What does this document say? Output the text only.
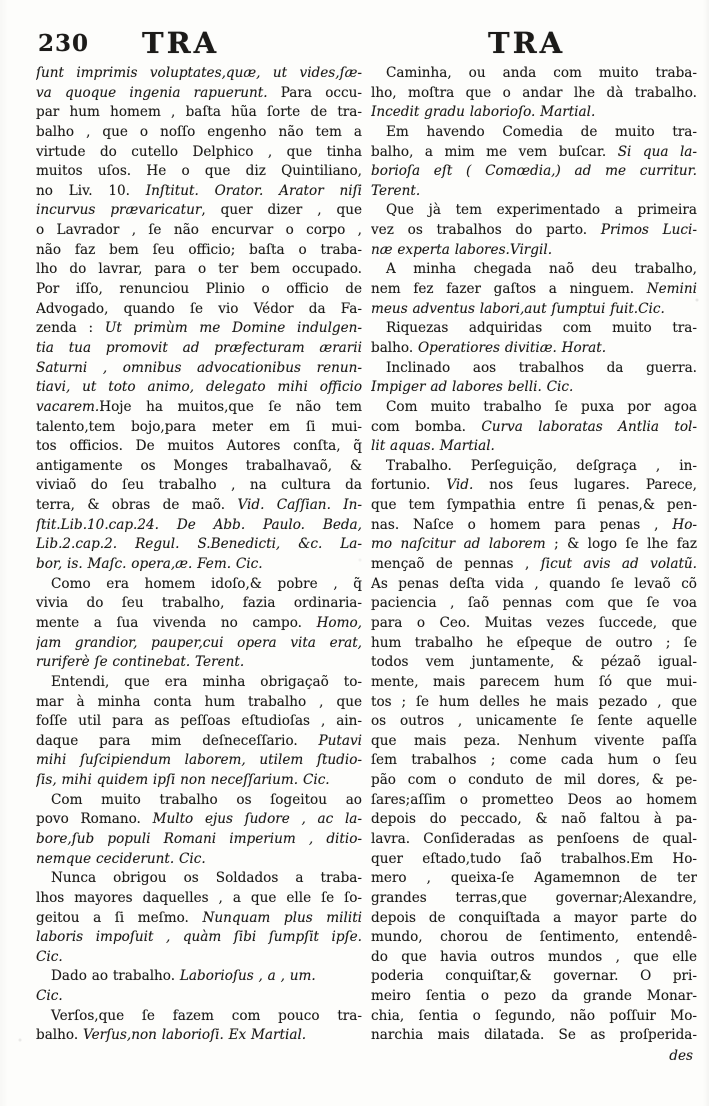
230 TRA	TRA
ſunt imprimis voluptates,quæ, ut vides,ſæ-
va quoque ingenia rapuerunt. Para occu-
par hum homem , baſta hũa ſorte de tra-
balho , que o noſſo engenho não tem a
virtude do cutello Delphico , que tinha
muitos uſos. He o que diz Quintiliano,
no Liv. 10. Inſtitut. Orator. Arator niſi
incurvus prævaricatur, quer dizer , que
o Lavrador , ſe não encurvar o corpo ,
não faz bem ſeu officio; baſta o traba-
lho do lavrar, para o ter bem occupado.
Por iſſo, renunciou Plinio o officio de
Advogado, quando ſe vio Védor da Fa-
zenda : Ut primùm me Domine indulgen-
tia tua promovit ad præfecturam ærarii
Saturni , omnibus advocationibus renun-
tiavi, ut toto animo, delegato mihi officio
vacarem.Hoje ha muitos,que ſe não tem
talento,tem bojo,para meter em ſi mui-
tos officios. De muitos Autores conſta, q̃
antigamente os Monges trabalhavaõ, &
viviaõ do ſeu trabalho , na cultura da
terra, & obras de maõ. Vid. Caſſian. In-
ſtit.Lib.10.cap.24. De Abb. Paulo. Beda,
Lib.2.cap.2. Regul. S.Benedicti, &c. La-
bor, is. Maſc. opera,æ. Fem. Cic.
Como era homem idoſo,& pobre , q̃
vivia do ſeu trabalho, fazia ordinaria-
mente a ſua vivenda no campo. Homo,
jam grandior, pauper,cui opera vita erat,
ruriferè ſe continebat. Terent.
Entendi, que era minha obrigaçaõ to-
mar à minha conta hum trabalho , que
foſſe util para as peſſoas eſtudioſas , ain-
daque para mim deſneceſſario. Putavi
mihi ſuſcipiendum laborem, utilem ſtudio-
ſis, mihi quidem ipſi non neceſſarium. Cic.
Com muito trabalho os ſogeitou ao
povo Romano. Multo ejus ſudore , ac la-
bore,ſub populi Romani imperium , ditio-
nemque ceciderunt. Cic.
Nunca obrigou os Soldados a traba-
lhos mayores daquelles , a que elle ſe ſo-
geitou a ſi meſmo. Nunquam plus militi
laboris impoſuit , quàm ſibi ſumpſit ipſe.
Cic.
Dado ao trabalho. Laborioſus , a , um.
Cic.
Verſos,que ſe fazem com pouco tra-
balho. Verſus,non laborioſi. Ex Martial.
Caminha, ou anda com muito traba-
lho, moſtra que o andar lhe dà trabalho.
Incedit gradu laborioſo. Martial.
Em havendo Comedia de muito tra-
balho, a mim me vem buſcar. Si qua la-
borioſa eſt ( Comœdia,) ad me curritur.
Terent.
Que jà tem experimentado a primeira
vez os trabalhos do parto. Primos Luci-
næ experta labores.Virgil.
A minha chegada naõ deu trabalho,
nem fez fazer gaſtos a ninguem. Nemini
meus adventus labori,aut ſumptui fuit.Cic.
Riquezas adquiridas com muito tra-
balho. Operatiores divitiæ. Horat.
Inclinado aos trabalhos da guerra.
Impiger ad labores belli. Cic.
Com muito trabalho ſe puxa por agoa
com bomba. Curva laboratas Antlia tol-
lit aquas. Martial.
Trabalho. Perſeguição, deſgraça , in-
fortunio. Vid. nos ſeus lugares. Parece,
que tem ſympathia entre ſi penas,& pen-
nas. Naſce o homem para penas , Ho-
mo naſcitur ad laborem ; & logo ſe lhe faz
mençaõ de pennas , ſicut avis ad volatũ.
As penas deſta vida , quando ſe levaõ cõ
paciencia , ſaõ pennas com que ſe voa
para o Ceo. Muitas vezes ſuccede, que
hum trabalho he eſpeque de outro ; ſe
todos vem juntamente, & pézaõ igual-
mente, mais parecem hum ſó que mui-
tos ; ſe hum delles he mais pezado , que
os outros , unicamente ſe ſente aquelle
que mais peza. Nenhum vivente paſſa
ſem trabalhos ; come cada hum o ſeu
pão com o conduto de mil dores, & pe-
ſares;aſſim o prometteo Deos ao homem
depois do peccado, & naõ faltou à pa-
lavra. Conſideradas as penſoens de qual-
quer eſtado,tudo ſaõ trabalhos.Em Ho-
mero , queixa-ſe Agamemnon de ter
grandes terras,que governar;Alexandre,
depois de conquiſtada a mayor parte do
mundo, chorou de ſentimento, entendê-
do que havia outros mundos , que elle
poderia conquiſtar,& governar. O pri-
meiro ſentia o pezo da grande Monar-
chia, ſentia o ſegundo, não poſſuir Mo-
narchia mais dilatada. Se as proſperida-
des
